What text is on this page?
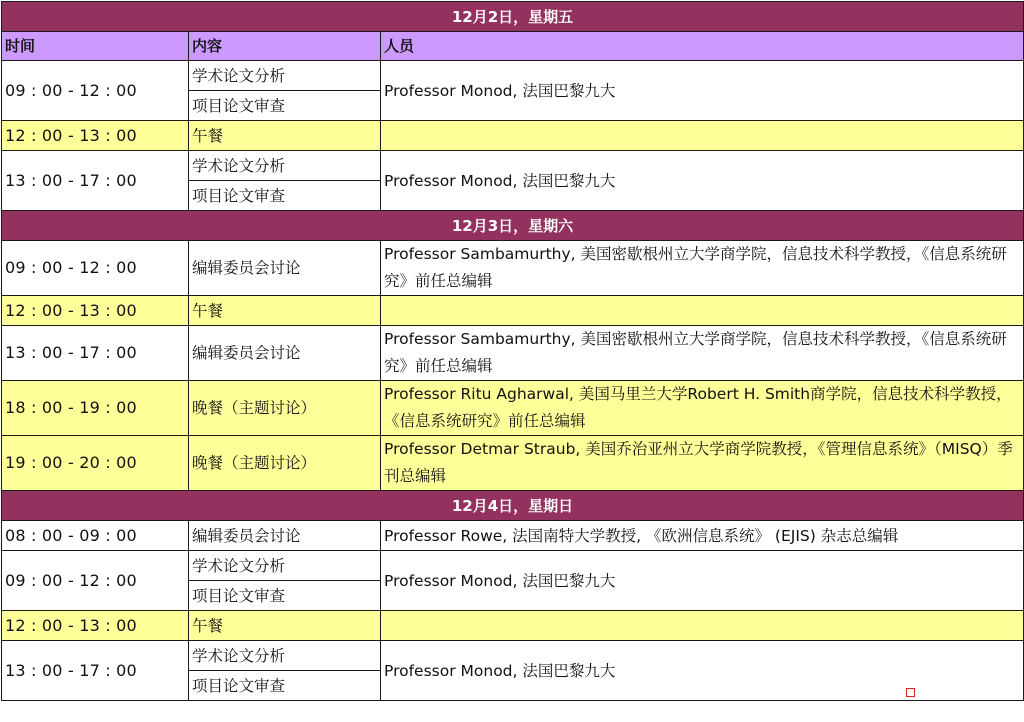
12月2日，星期五		
时间	内容	人员
09 : 00 - 12 : 00	学术论文分析	Professor Monod, 法国巴黎九大
	项目论文审查	
12 : 00 - 13 : 00	午餐	
13 : 00 - 17 : 00	学术论文分析	Professor Monod, 法国巴黎九大
	项目论文审查	
12月3日，星期六		
09 : 00 - 12 : 00	编辑委员会讨论	Professor Sambamurthy, 美国密歇根州立大学商学院，信息技术科学教授，《信息系统研究》前任总编辑
12 : 00 - 13 : 00	午餐	
13 : 00 - 17 : 00	编辑委员会讨论	Professor Sambamurthy, 美国密歇根州立大学商学院，信息技术科学教授，《信息系统研究》前任总编辑
18 : 00 - 19 : 00	晚餐（主题讨论）	Professor Ritu Agharwal, 美国马里兰大学Robert H. Smith商学院，信息技术科学教授，《信息系统研究》前任总编辑
19 : 00 - 20 : 00	晚餐（主题讨论）	Professor Detmar Straub, 美国乔治亚州立大学商学院教授，《管理信息系统》（MISQ）季刊总编辑
12月4日，星期日		
08 : 00 - 09 : 00	编辑委员会讨论	Professor Rowe, 法国南特大学教授, 《欧洲信息系统》 (EJIS) 杂志总编辑
09 : 00 - 12 : 00	学术论文分析	Professor Monod, 法国巴黎九大
	项目论文审查	
12 : 00 - 13 : 00	午餐	
13 : 00 - 17 : 00	学术论文分析	Professor Monod, 法国巴黎九大
	项目论文审查	
